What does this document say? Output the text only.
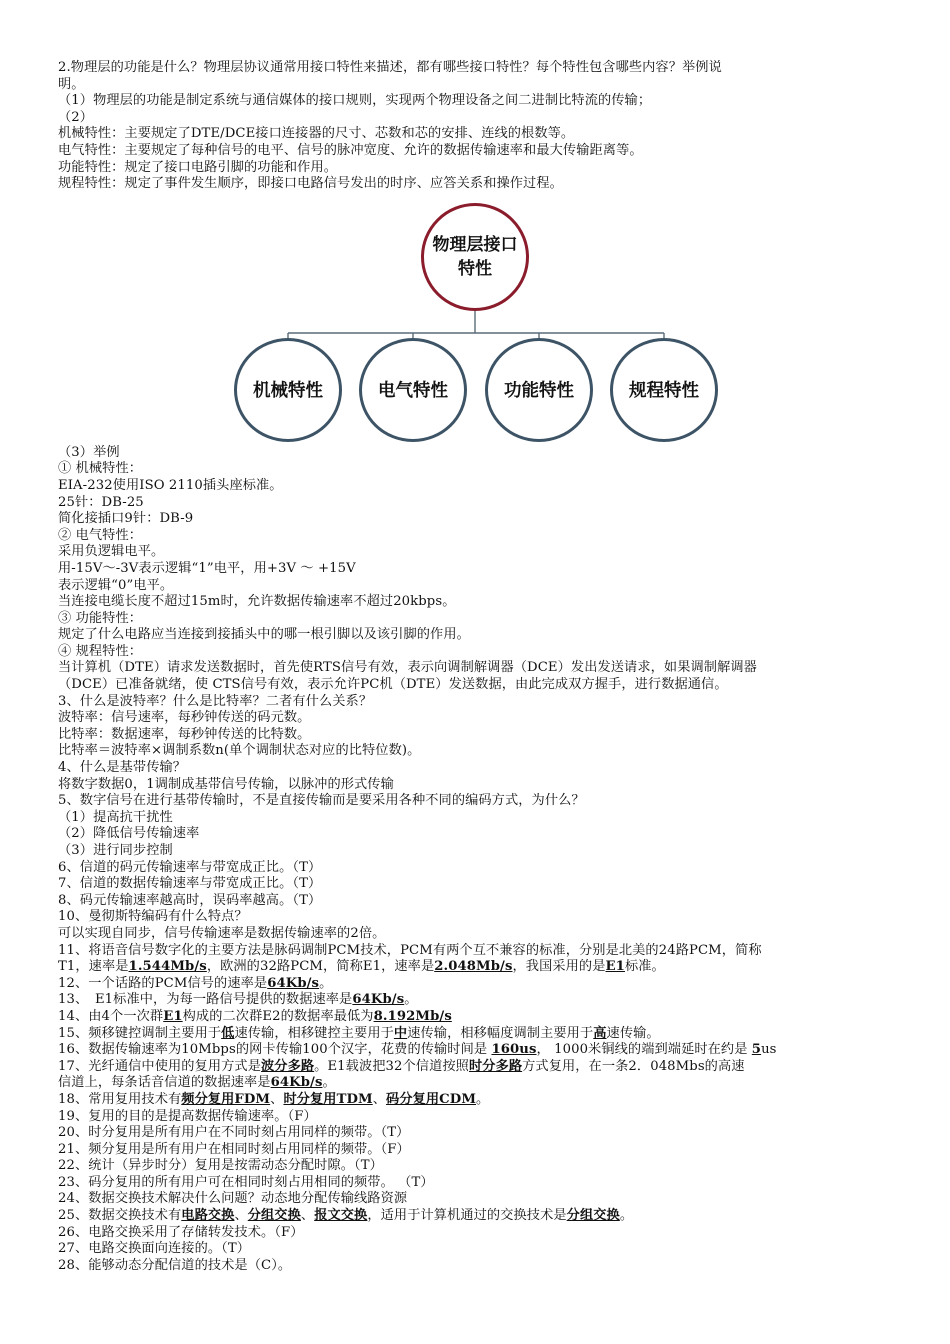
2.物理层的功能是什么？物理层协议通常用接口特性来描述，都有哪些接口特性？每个特性包含哪些内容？举例说
明。
（1）物理层的功能是制定系统与通信媒体的接口规则，实现两个物理设备之间二进制比特流的传输；
（2）
机械特性：主要规定了DTE/DCE接口连接器的尺寸、芯数和芯的安排、连线的根数等。
电气特性：主要规定了每种信号的电平、信号的脉冲宽度、允许的数据传输速率和最大传输距离等。
功能特性：规定了接口电路引脚的功能和作用。
规程特性：规定了事件发生顺序，即接口电路信号发出的时序、应答关系和操作过程。
物理层接口特性
机械特性	电气特性	功能特性	规程特性
（3）举例
① 机械特性：
EIA-232使用ISO 2110插头座标准。
25针：DB-25
简化接插口9针：DB-9
② 电气特性：
采用负逻辑电平。
用-15V～-3V表示逻辑“1”电平，用+3V ～ +15V
表示逻辑“0”电平。
当连接电缆长度不超过15m时，允许数据传输速率不超过20kbps。
③ 功能特性：
规定了什么电路应当连接到接插头中的哪一根引脚以及该引脚的作用。
④ 规程特性：
当计算机（DTE）请求发送数据时，首先使RTS信号有效，表示向调制解调器（DCE）发出发送请求，如果调制解调器
（DCE）已准备就绪，使 CTS信号有效，表示允许PC机（DTE）发送数据，由此完成双方握手，进行数据通信。
3、什么是波特率？什么是比特率？二者有什么关系？
波特率：信号速率，每秒钟传送的码元数。
比特率：数据速率，每秒钟传送的比特数。
比特率＝波特率×调制系数n(单个调制状态对应的比特位数)。
4、什么是基带传输？
将数字数据0，1调制成基带信号传输，以脉冲的形式传输
5、数字信号在进行基带传输时，不是直接传输而是要采用各种不同的编码方式，为什么？
（1）提高抗干扰性
（2）降低信号传输速率
（3）进行同步控制
6、信道的码元传输速率与带宽成正比。（T）
7、信道的数据传输速率与带宽成正比。（T）
8、码元传输速率越高时，误码率越高。（T）
10、曼彻斯特编码有什么特点？
可以实现自同步，信号传输速率是数据传输速率的2倍。
11、将语音信号数字化的主要方法是脉码调制PCM技术，PCM有两个互不兼容的标准，分别是北美的24路PCM，简称
T1，速率是1.544Mb/s，欧洲的32路PCM，简称E1，速率是2.048Mb/s，我国采用的是E1标准。
12、一个话路的PCM信号的速率是64Kb/s。
13、　E1标准中，为每一路信号提供的数据速率是64Kb/s。
14、由4个一次群E1构成的二次群E2的数据率最低为8.192Mb/s
15、频移键控调制主要用于低速传输，相移键控主要用于中速传输，相移幅度调制主要用于高速传输。
16、数据传输速率为10Mbps的网卡传输100个汉字，花费的传输时间是 160us， 1000米铜线的端到端延时在约是 5us
17、光纤通信中使用的复用方式是波分多路。E1载波把32个信道按照时分多路方式复用，在一条2．048Mbs的高速
信道上，每条话音信道的数据速率是64Kb/s。
18、常用复用技术有频分复用FDM、时分复用TDM、码分复用CDM。
19、复用的目的是提高数据传输速率。（F）
20、时分复用是所有用户在不同时刻占用同样的频带。（T）
21、频分复用是所有用户在相同时刻占用同样的频带。（F）
22、统计（异步时分）复用是按需动态分配时隙。（T）
23、码分复用的所有用户可在相同时刻占用相同的频带。 （T）
24、数据交换技术解决什么问题？动态地分配传输线路资源
25、数据交换技术有电路交换、分组交换、报文交换，适用于计算机通过的交换技术是分组交换。
26、电路交换采用了存储转发技术。（F）
27、电路交换面向连接的。（T）
28、能够动态分配信道的技术是（C）。
